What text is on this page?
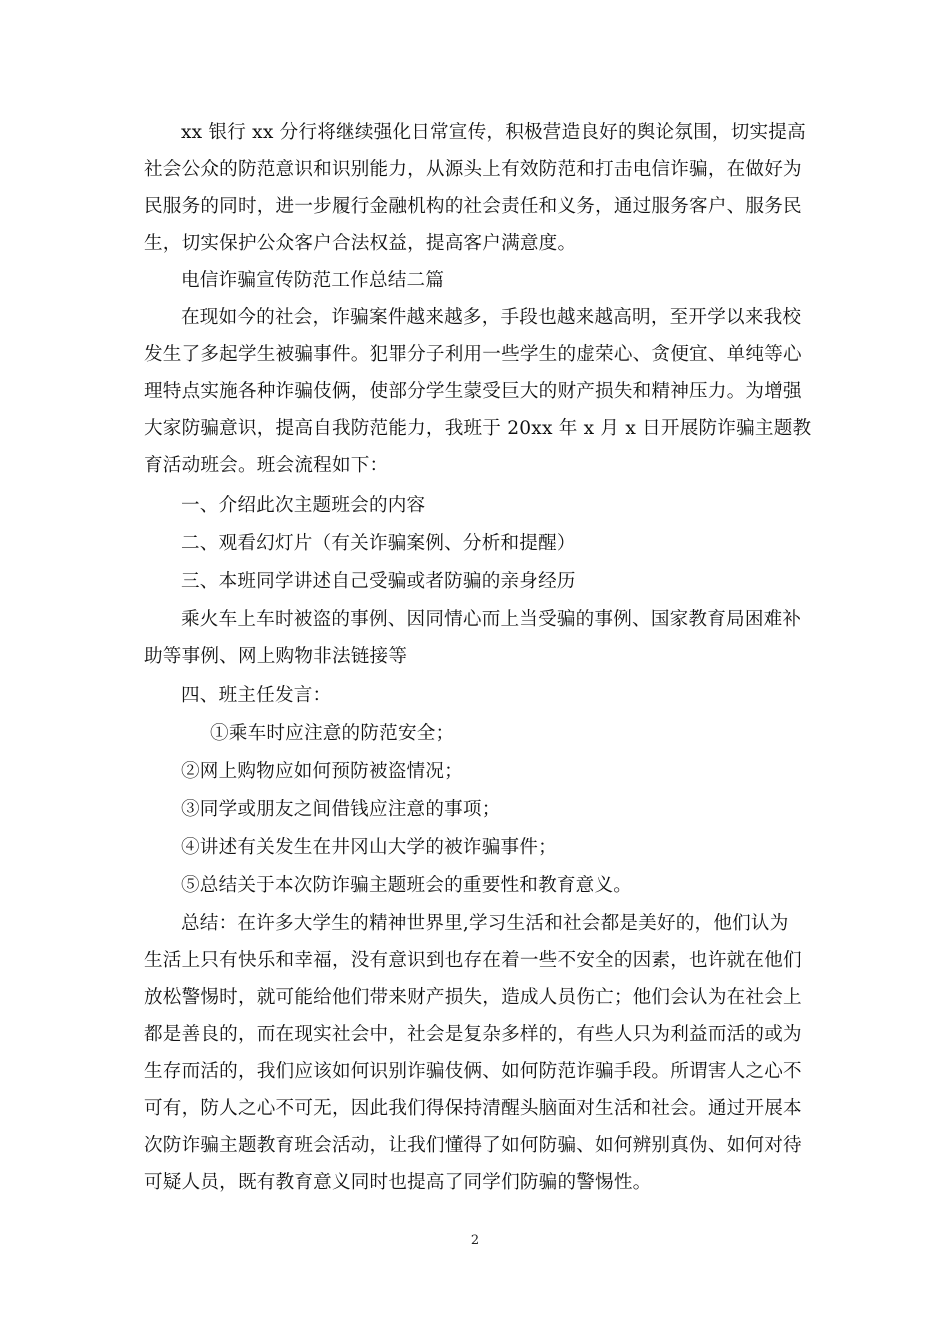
xx 银行 xx 分行将继续强化日常宣传，积极营造良好的舆论氛围，切实提高
社会公众的防范意识和识别能力，从源头上有效防范和打击电信诈骗，在做好为
民服务的同时，进一步履行金融机构的社会责任和义务，通过服务客户、服务民
生，切实保护公众客户合法权益，提高客户满意度。
电信诈骗宣传防范工作总结二篇
在现如今的社会，诈骗案件越来越多，手段也越来越高明，至开学以来我校
发生了多起学生被骗事件。犯罪分子利用一些学生的虚荣心、贪便宜、单纯等心
理特点实施各种诈骗伎俩，使部分学生蒙受巨大的财产损失和精神压力。为增强
大家防骗意识，提高自我防范能力，我班于 20xx 年 x 月 x 日开展防诈骗主题教
育活动班会。班会流程如下：
一、介绍此次主题班会的内容
二、观看幻灯片（有关诈骗案例、分析和提醒）
三、本班同学讲述自己受骗或者防骗的亲身经历
乘火车上车时被盗的事例、因同情心而上当受骗的事例、国家教育局困难补
助等事例、网上购物非法链接等
四、班主任发言：
①乘车时应注意的防范安全；
②网上购物应如何预防被盗情况；
③同学或朋友之间借钱应注意的事项；
④讲述有关发生在井冈山大学的被诈骗事件；
⑤总结关于本次防诈骗主题班会的重要性和教育意义。
总结：在许多大学生的精神世界里,学习生活和社会都是美好的，他们认为
生活上只有快乐和幸福，没有意识到也存在着一些不安全的因素，也许就在他们
放松警惕时，就可能给他们带来财产损失，造成人员伤亡；他们会认为在社会上
都是善良的，而在现实社会中，社会是复杂多样的，有些人只为利益而活的或为
生存而活的，我们应该如何识别诈骗伎俩、如何防范诈骗手段。所谓害人之心不
可有，防人之心不可无，因此我们得保持清醒头脑面对生活和社会。通过开展本
次防诈骗主题教育班会活动，让我们懂得了如何防骗、如何辨别真伪、如何对待
可疑人员，既有教育意义同时也提高了同学们防骗的警惕性。
2
